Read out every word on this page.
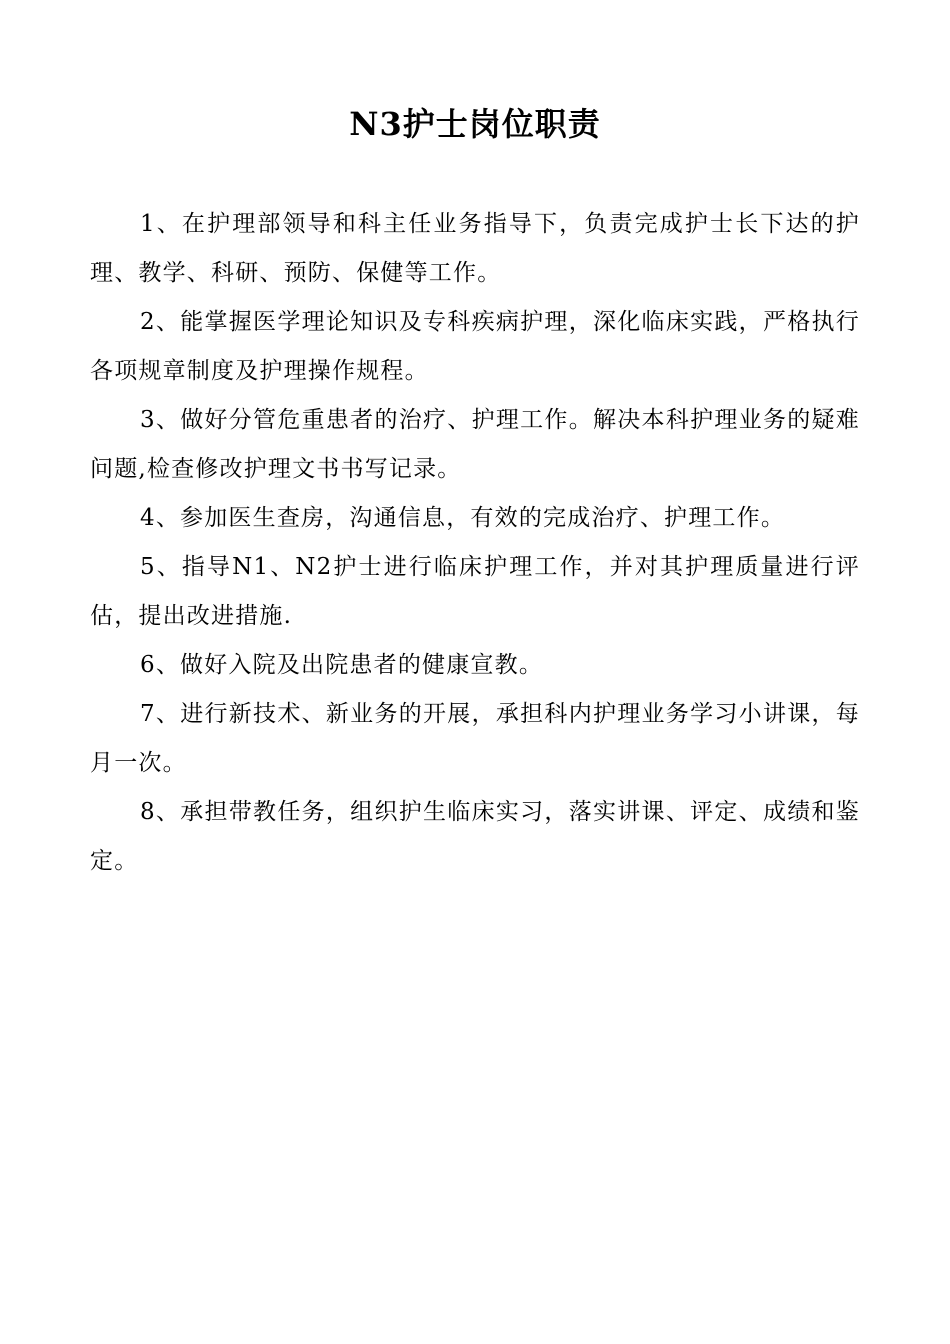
N3护士岗位职责

1、在护理部领导和科主任业务指导下，负责完成护士长下达的护理、教学、科研、预防、保健等工作。

2、能掌握医学理论知识及专科疾病护理，深化临床实践，严格执行各项规章制度及护理操作规程。

3、做好分管危重患者的治疗、护理工作。解决本科护理业务的疑难问题,检查修改护理文书书写记录。

4、参加医生查房，沟通信息，有效的完成治疗、护理工作。

5、指导N1、N2护士进行临床护理工作，并对其护理质量进行评估，提出改进措施.

6、做好入院及出院患者的健康宣教。

7、进行新技术、新业务的开展，承担科内护理业务学习小讲课，每月一次。

8、承担带教任务，组织护生临床实习，落实讲课、评定、成绩和鉴定。
